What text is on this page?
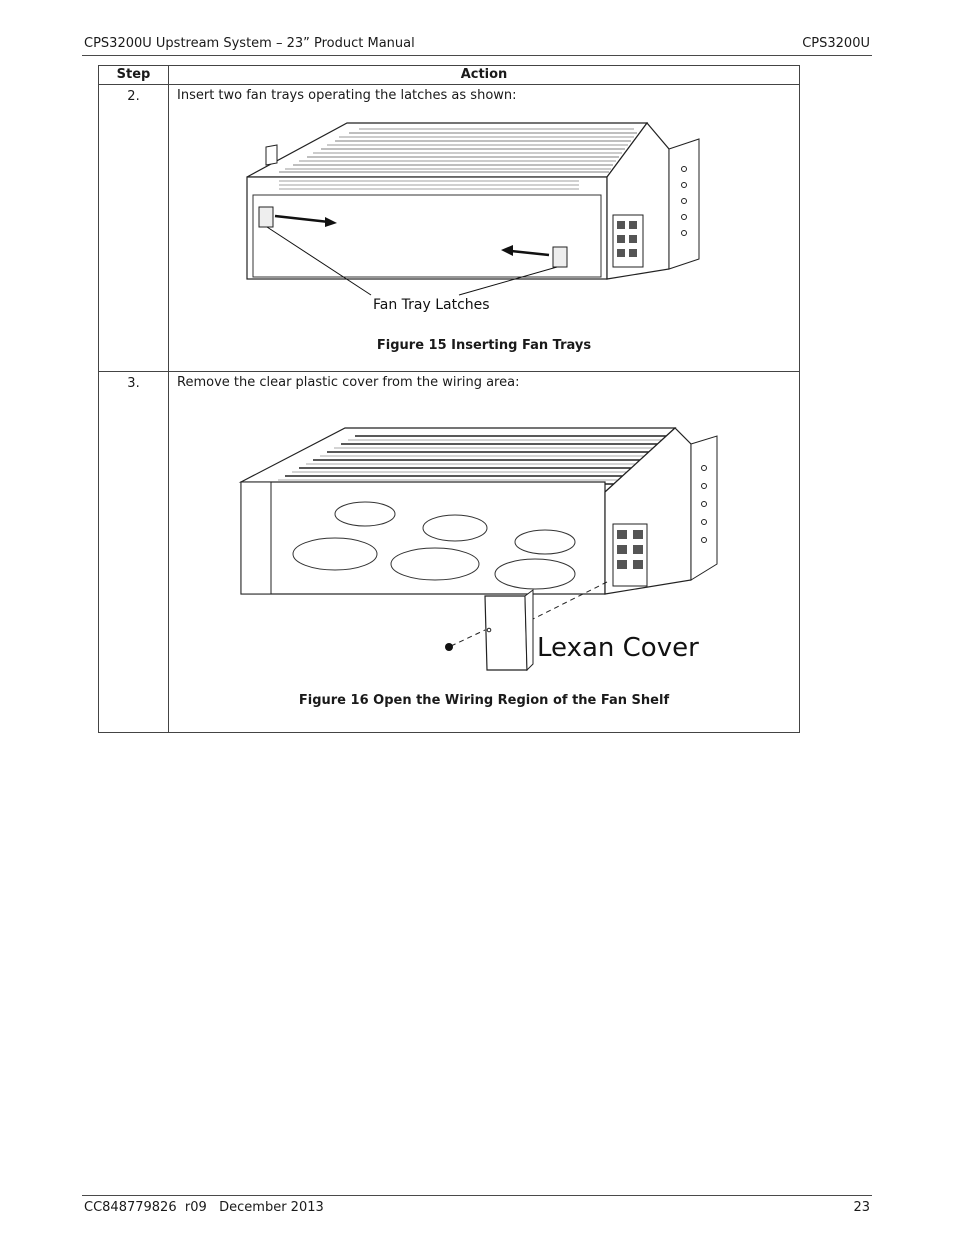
CPS3200U Upstream System – 23” Product Manual	CPS3200U
Step	Action
2.	Insert two fan trays operating the latches as shown:
Fan Tray Latches
Figure 15 Inserting Fan Trays

3.	Remove the clear plastic cover from the wiring area:
Lexan Cover
Figure 16 Open the Wiring Region of the Fan Shelf
CC848779826  r09   December 2013	23
